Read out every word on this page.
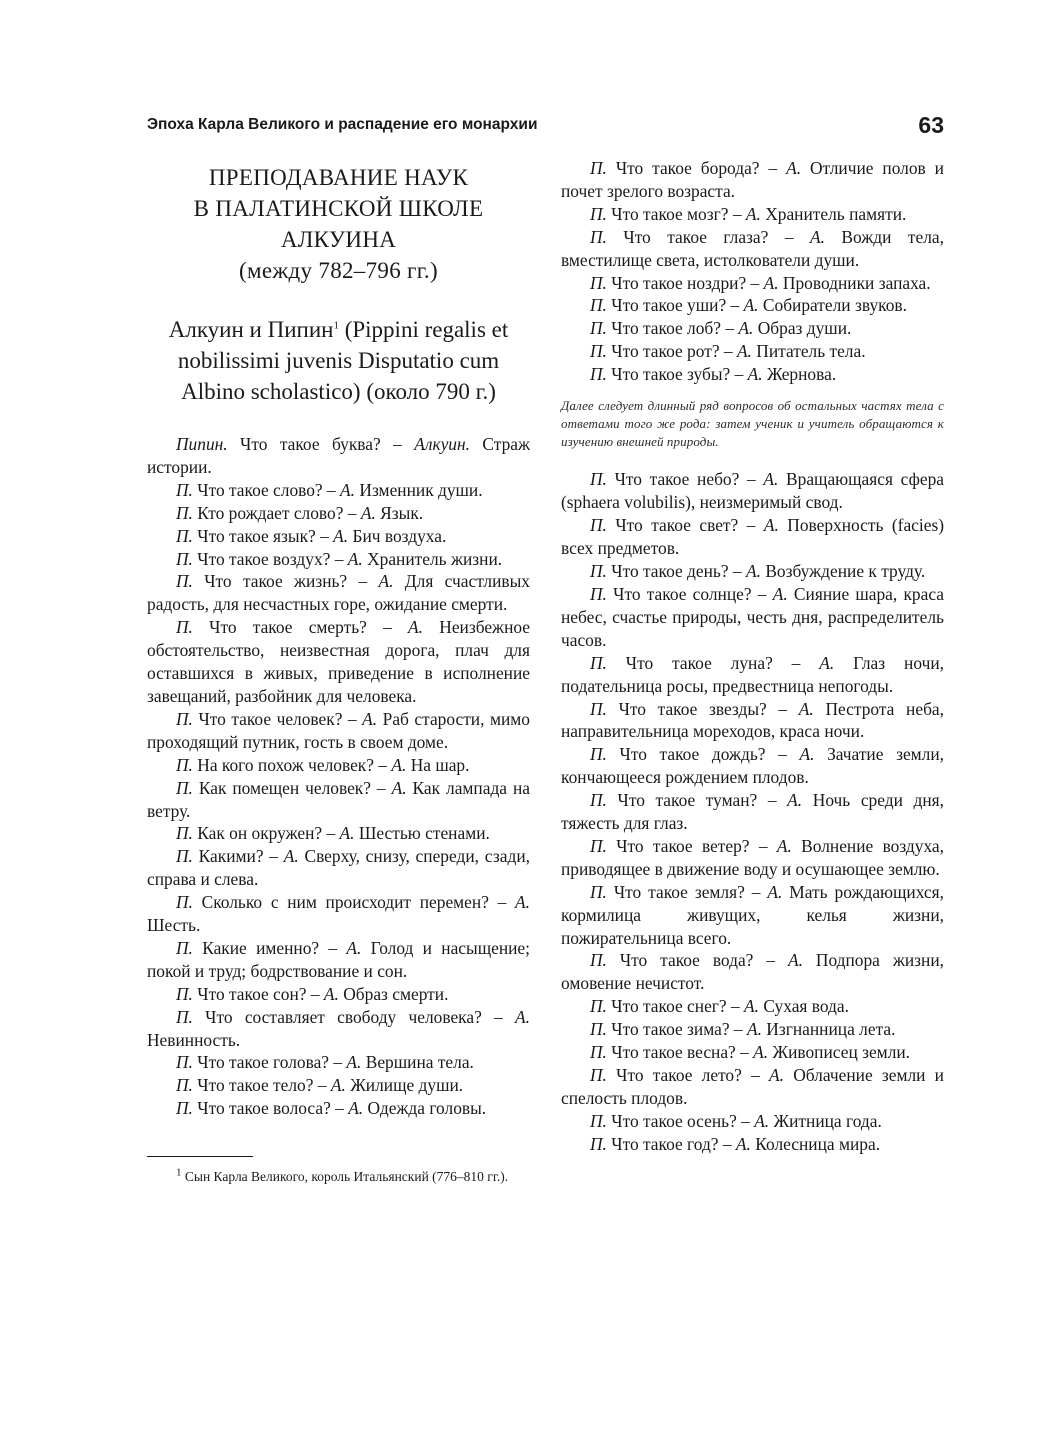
Эпоха Карла Великого и распадение его монархии	63
ПРЕПОДАВАНИЕ НАУК
В ПАЛАТИНСКОЙ ШКОЛЕ
АЛКУИНА
(между 782–796 гг.)
Алкуин и Пипин$^1$ (Pippini regalis et nobilissimi juvenis Disputatio cum Albino scholastico) (около 790 г.)

Пипин. Что такое буква? – Алкуин. Страж истории.

П. Что такое слово? – А. Изменник души.

П. Кто рождает слово? – А. Язык.

П. Что такое язык? – А. Бич воздуха.

П. Что такое воздух? – А. Хранитель жизни.

П. Что такое жизнь? – А. Для счастливых радость, для несчастных горе, ожидание смерти.

П. Что такое смерть? – А. Неизбежное обстоятельство, неизвестная дорога, плач для оставшихся в живых, приведение в исполнение завещаний, разбойник для человека.

П. Что такое человек? – А. Раб старости, мимо проходящий путник, гость в своем доме.

П. На кого похож человек? – А. На шар.

П. Как помещен человек? – А. Как лампада на ветру.

П. Как он окружен? – А. Шестью стенами.

П. Какими? – А. Сверху, снизу, спереди, сзади, справа и слева.

П. Сколько с ним происходит перемен? – А. Шесть.

П. Какие именно? – А. Голод и насыщение; покой и труд; бодрствование и сон.

П. Что такое сон? – А. Образ смерти.

П. Что составляет свободу человека? – А. Невинность.

П. Что такое голова? – А. Вершина тела.

П. Что такое тело? – А. Жилище души.

П. Что такое волоса? – А. Одежда головы.

$^1$ Сын Карла Великого, король Итальянский (776–810 гг.).

П. Что такое борода? – А. Отличие полов и почет зрелого возраста.

П. Что такое мозг? – А. Хранитель памяти.

П. Что такое глаза? – А. Вожди тела, вместилище света, истолкователи души.

П. Что такое ноздри? – А. Проводники запаха.

П. Что такое уши? – А. Собиратели звуков.

П. Что такое лоб? – А. Образ души.

П. Что такое рот? – А. Питатель тела.

П. Что такое зубы? – А. Жернова.

Далее следует длинный ряд вопросов об остальных частях тела с ответами того же рода: затем ученик и учитель обращаются к изучению внешней природы.

П. Что такое небо? – А. Вращающаяся сфера (sphaera volubilis), неизмеримый свод.

П. Что такое свет? – А. Поверхность (facies) всех предметов.

П. Что такое день? – А. Возбуждение к труду.

П. Что такое солнце? – А. Сияние шара, краса небес, счастье природы, честь дня, распределитель часов.

П. Что такое луна? – А. Глаз ночи, подательница росы, предвестница непогоды.

П. Что такое звезды? – А. Пестрота неба, направительница мореходов, краса ночи.

П. Что такое дождь? – А. Зачатие земли, кончающееся рождением плодов.

П. Что такое туман? – А. Ночь среди дня, тяжесть для глаз.

П. Что такое ветер? – А. Волнение воздуха, приводящее в движение воду и осушающее землю.

П. Что такое земля? – А. Мать рождающихся, кормилица живущих, келья жизни, пожирательница всего.

П. Что такое вода? – А. Подпора жизни, омовение нечистот.

П. Что такое снег? – А. Сухая вода.

П. Что такое зима? – А. Изгнанница лета.

П. Что такое весна? – А. Живописец земли.

П. Что такое лето? – А. Облачение земли и спелость плодов.

П. Что такое осень? – А. Житница года.

П. Что такое год? – А. Колесница мира.
